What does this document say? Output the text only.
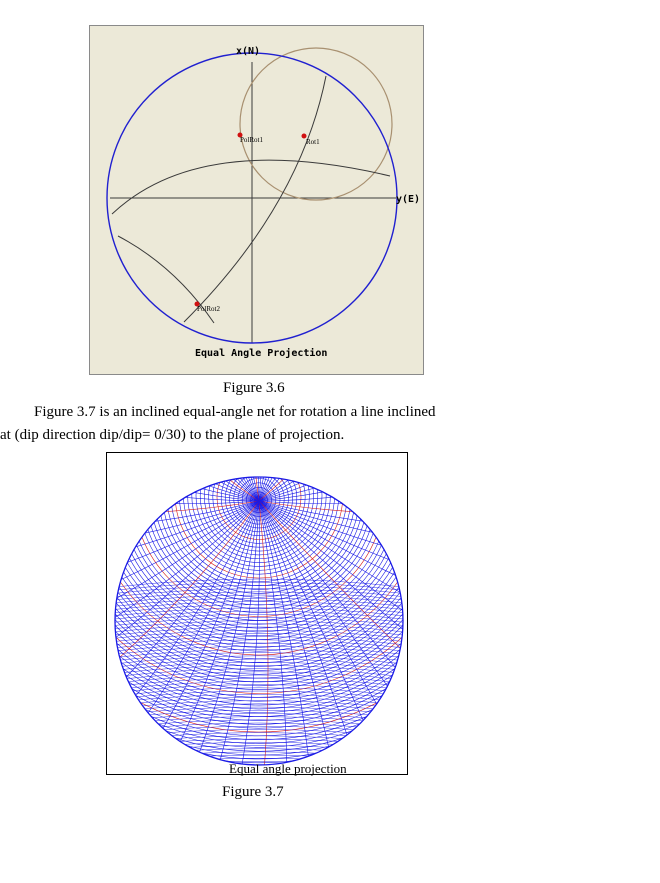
x(N)
y(E)
PolRot1	Rot1
PolRot2
Equal Angle Projection
Figure 3.6
Figure 3.7 is an inclined equal-angle net for rotation a line inclined
at (dip direction dip/dip= 0/30) to the plane of projection.
Equal angle projection
Figure 3.7
